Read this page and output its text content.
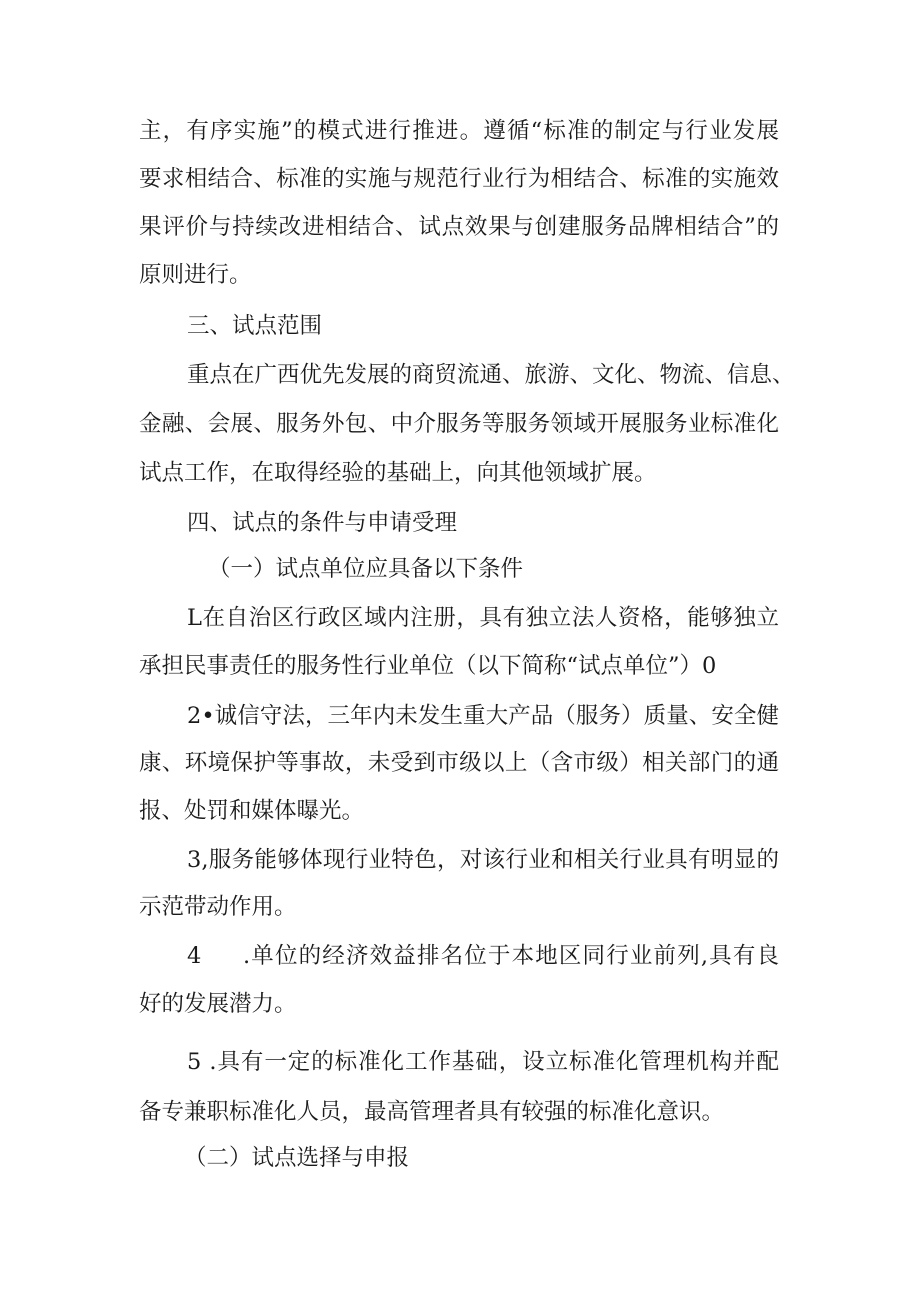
主，有序实施”的模式进行推进。遵循“标准的制定与行业发展
要求相结合、标准的实施与规范行业行为相结合、标准的实施效
果评价与持续改进相结合、试点效果与创建服务品牌相结合”的
原则进行。
三、试点范围
重点在广西优先发展的商贸流通、旅游、文化、物流、信息、
金融、会展、服务外包、中介服务等服务领域开展服务业标准化
试点工作，在取得经验的基础上，向其他领域扩展。
四、试点的条件与申请受理
（一）试点单位应具备以下条件
L在自治区行政区域内注册，具有独立法人资格，能够独立
承担民事责任的服务性行业单位（以下简称“试点单位”）0
2•诚信守法，三年内未发生重大产品（服务）质量、安全健
康、环境保护等事故，未受到市级以上（含市级）相关部门的通
报、处罚和媒体曝光。
3,服务能够体现行业特色，对该行业和相关行业具有明显的
示范带动作用。
4 .单位的经济效益排名位于本地区同行业前列,具有良
好的发展潜力。
5 .具有一定的标准化工作基础，设立标准化管理机构并配
备专兼职标准化人员，最高管理者具有较强的标准化意识。
（二）试点选择与申报
